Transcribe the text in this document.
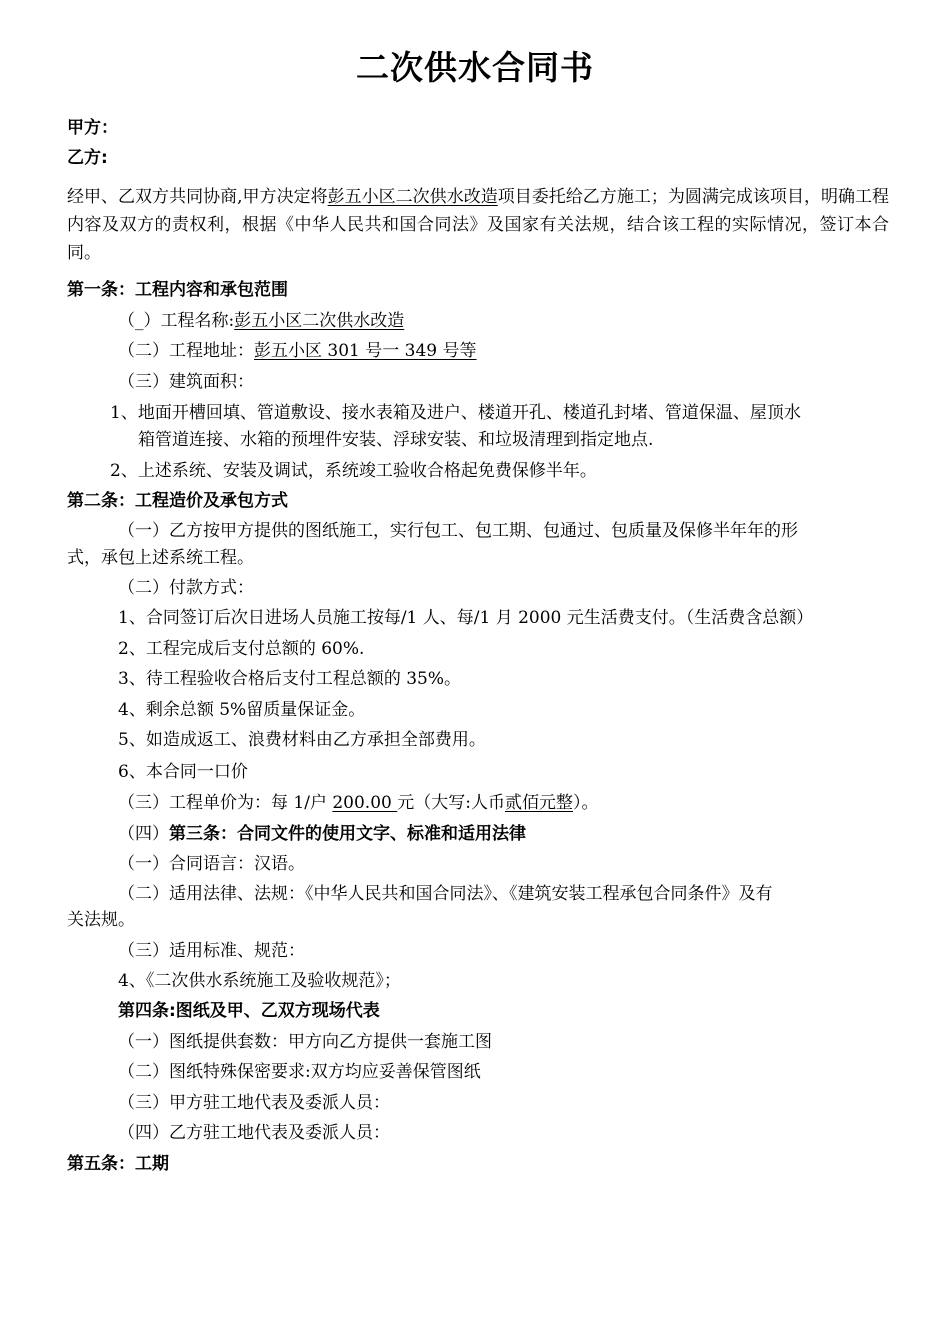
二次供水合同书
甲方：
乙方:
经甲、乙双方共同协商,甲方决定将彭五小区二次供水改造项目委托给乙方施工；为圆满完成该项目，明确工程内容及双方的责权利，根据《中华人民共和国合同法》及国家有关法规，结合该工程的实际情况，签订本合同。
第一条：工程内容和承包范围
（_）工程名称:彭五小区二次供水改造
（二）工程地址：彭五小区 301 号一 349 号等
（三）建筑面积：
1、地面开槽回填、管道敷设、接水表箱及进户、楼道开孔、楼道孔封堵、管道保温、屋顶水
箱管道连接、水箱的预埋件安装、浮球安装、和垃圾清理到指定地点.
2、上述系统、安装及调试，系统竣工验收合格起免费保修半年。
第二条：工程造价及承包方式
（一）乙方按甲方提供的图纸施工，实行包工、包工期、包通过、包质量及保修半年年的形
式，承包上述系统工程。
（二）付款方式：
1、合同签订后次日进场人员施工按每/1 人、每/1 月 2000 元生活费支付。（生活费含总额）
2、工程完成后支付总额的 60%.
3、待工程验收合格后支付工程总额的 35%。
4、剩余总额 5%留质量保证金。
5、如造成返工、浪费材料由乙方承担全部费用。
6、本合同一口价
（三）工程单价为：每 1/户 200.00 元（大写:人币贰佰元整）。
（四）第三条：合同文件的使用文字、标准和适用法律
（一）合同语言：汉语。
（二）适用法律、法规：《中华人民共和国合同法》、《建筑安装工程承包合同条件》及有
关法规。
（三）适用标准、规范：
4、《二次供水系统施工及验收规范》；
第四条:图纸及甲、乙双方现场代表
（一）图纸提供套数：甲方向乙方提供一套施工图
（二）图纸特殊保密要求:双方均应妥善保管图纸
（三）甲方驻工地代表及委派人员：
（四）乙方驻工地代表及委派人员：
第五条：工期
